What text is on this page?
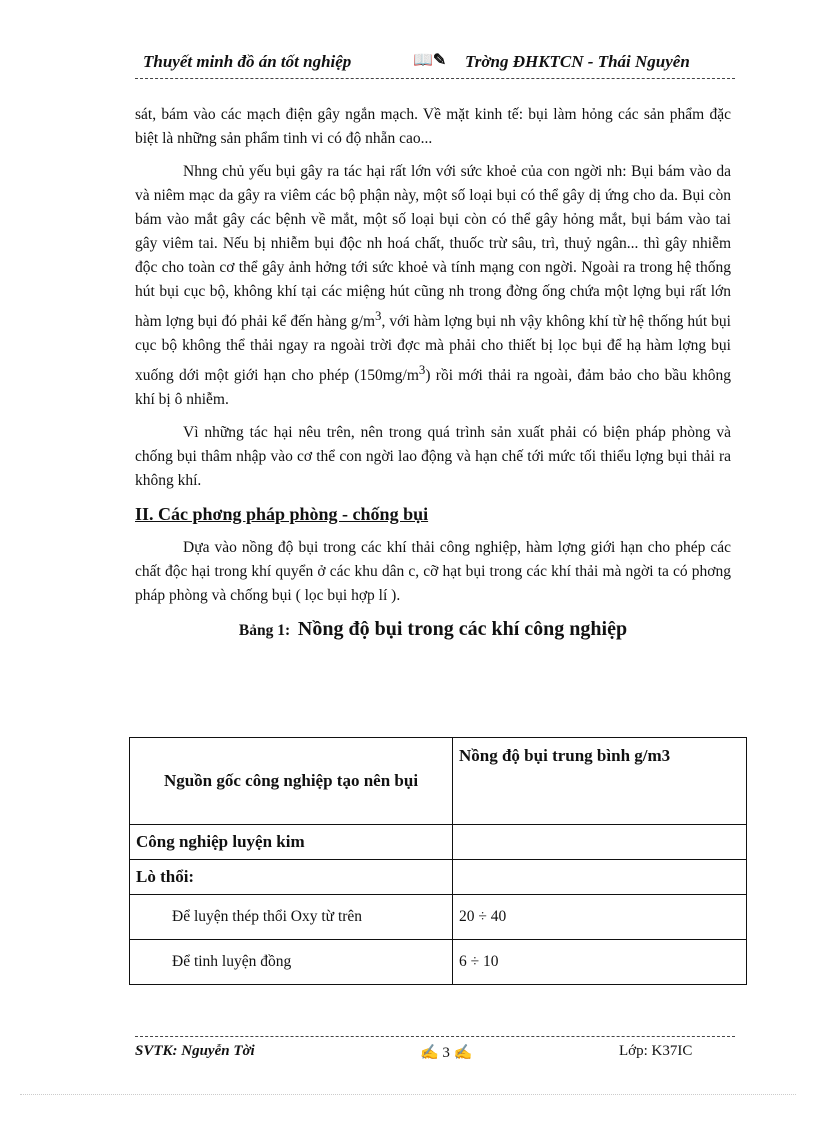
Thuyết minh đồ án tốt nghiệp	📖✎ Trờng ĐHKTCN - Thái Nguyên

sát, bám vào các mạch điện gây ngắn mạch. Về mặt kinh tế: bụi làm hỏng các sản phẩm đặc biệt là những sản phẩm tinh vi có độ nhẵn cao...

Nhng chủ yếu bụi gây ra tác hại rất lớn với sức khoẻ của con ngời nh: Bụi bám vào da và niêm mạc da gây ra viêm các bộ phận này, một số loại bụi có thể gây dị ứng cho da. Bụi còn bám vào mắt gây các bệnh về mắt, một số loại bụi còn có thể gây hỏng mắt, bụi bám vào tai gây viêm tai. Nếu bị nhiễm bụi độc nh hoá chất, thuốc trừ sâu, trì, thuỷ ngân... thì gây nhiễm độc cho toàn cơ thể gây ảnh hởng tới sức khoẻ và tính mạng con ngời. Ngoài ra trong hệ thống hút bụi cục bộ, không khí tại các miệng hút cũng nh trong đờng ống chứa một lợng bụi rất lớn hàm lợng bụi đó phải kể đến hàng $g/m^3$, với hàm lợng bụi nh vậy không khí từ hệ thống hút bụi cục bộ không thể thải ngay ra ngoài trời đợc mà phải cho thiết bị lọc bụi để hạ hàm lợng bụi xuống dới một giới hạn cho phép $(150mg/m^3)$ rồi mới thải ra ngoài, đảm bảo cho bầu không khí bị ô nhiễm.

Vì những tác hại nêu trên, nên trong quá trình sản xuất phải có biện pháp phòng và chống bụi thâm nhập vào cơ thể con ngời lao động và hạn chế tới mức tối thiểu lợng bụi thải ra không khí.

II. Các phơng pháp phòng - chống bụi

Dựa vào nồng độ bụi trong các khí thải công nghiệp, hàm lợng giới hạn cho phép các chất độc hại trong khí quyển ở các khu dân c, cỡ hạt bụi trong các khí thải mà ngời ta có phơng pháp phòng và chống bụi ( lọc bụi hợp lí ).

Bảng 1: Nồng độ bụi trong các khí công nghiệp

Nguồn gốc công nghiệp tạo nên bụi	Nồng độ bụi trung bình g/m3
Công nghiệp luyện kim	
Lò thổi:	
Để luyện thép thổi Oxy từ trên	20 ÷ 40
Để tinh luyện đồng	6 ÷ 10
SVTK: Nguyễn Tời	✍ 3 ✍	Lớp: K37IC
